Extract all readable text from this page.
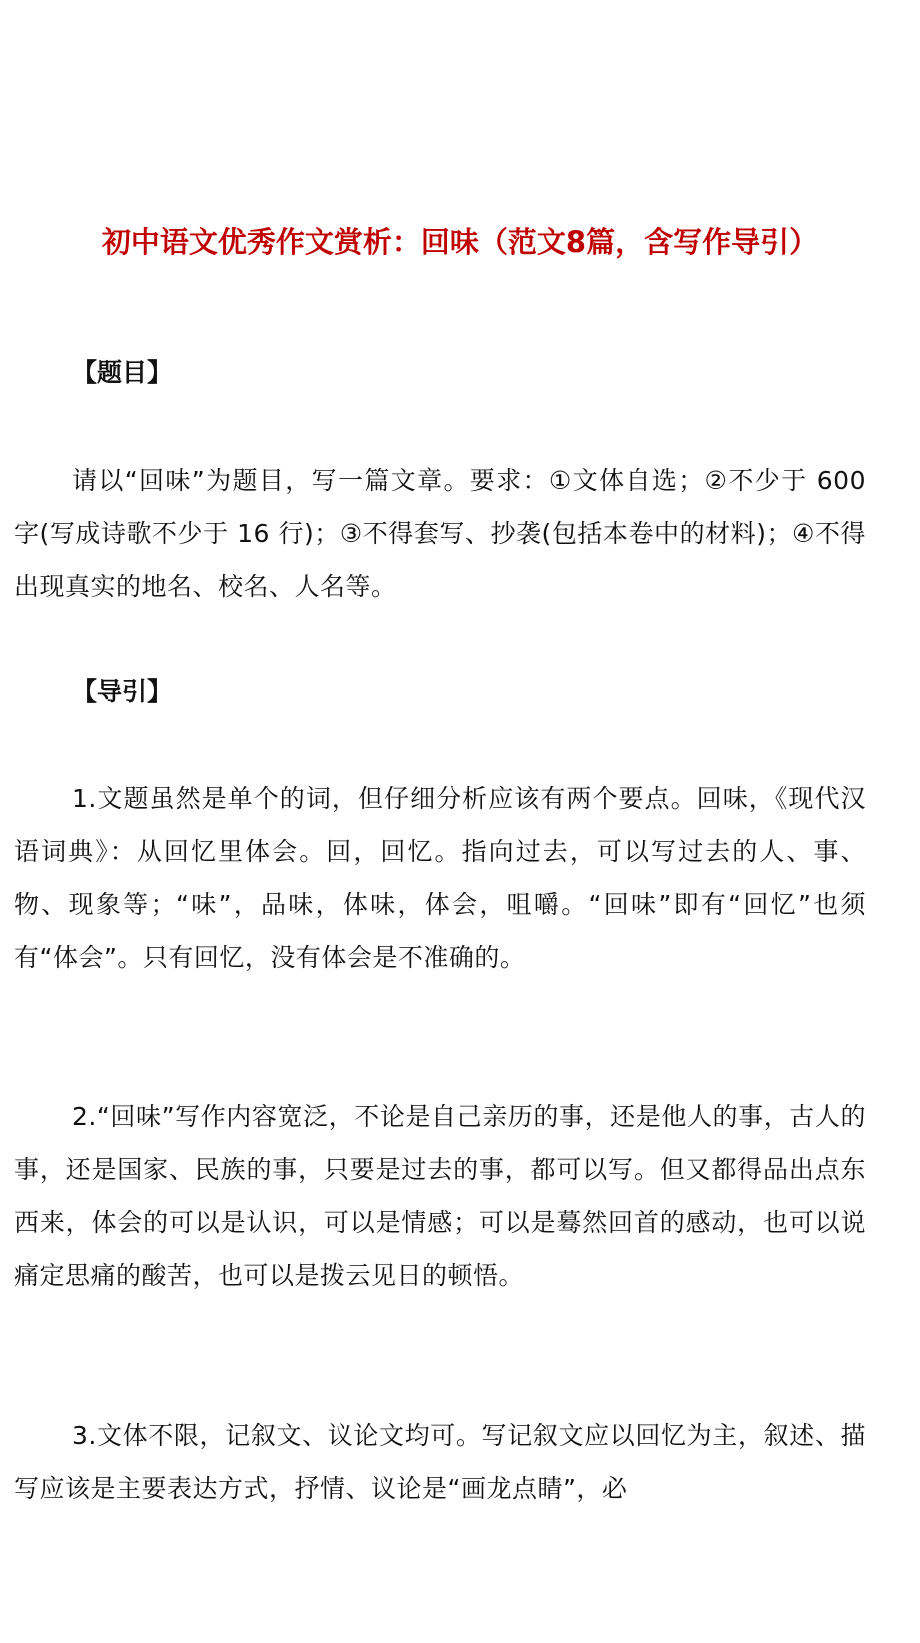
初中语文优秀作文赏析：回味（范文8篇，含写作导引）
【题目】

请以“回味”为题目，写一篇文章。要求：①文体自选；②不少于 600 字(写成诗歌不少于 16 行)；③不得套写、抄袭(包括本卷中的材料)；④不得出现真实的地名、校名、人名等。

【导引】

1.文题虽然是单个的词，但仔细分析应该有两个要点。回味，《现代汉语词典》：从回忆里体会。回，回忆。指向过去，可以写过去的人、事、物、现象等；“味”，品味，体味，体会，咀嚼。“回味”即有“回忆”也须有“体会”。只有回忆，没有体会是不准确的。

2.“回味”写作内容宽泛，不论是自己亲历的事，还是他人的事，古人的事，还是国家、民族的事，只要是过去的事，都可以写。但又都得品出点东西来，体会的可以是认识，可以是情感；可以是蓦然回首的感动，也可以说痛定思痛的酸苦，也可以是拨云见日的顿悟。

3.文体不限，记叙文、议论文均可。写记叙文应以回忆为主，叙述、描写应该是主要表达方式，抒情、议论是“画龙点睛”，必
